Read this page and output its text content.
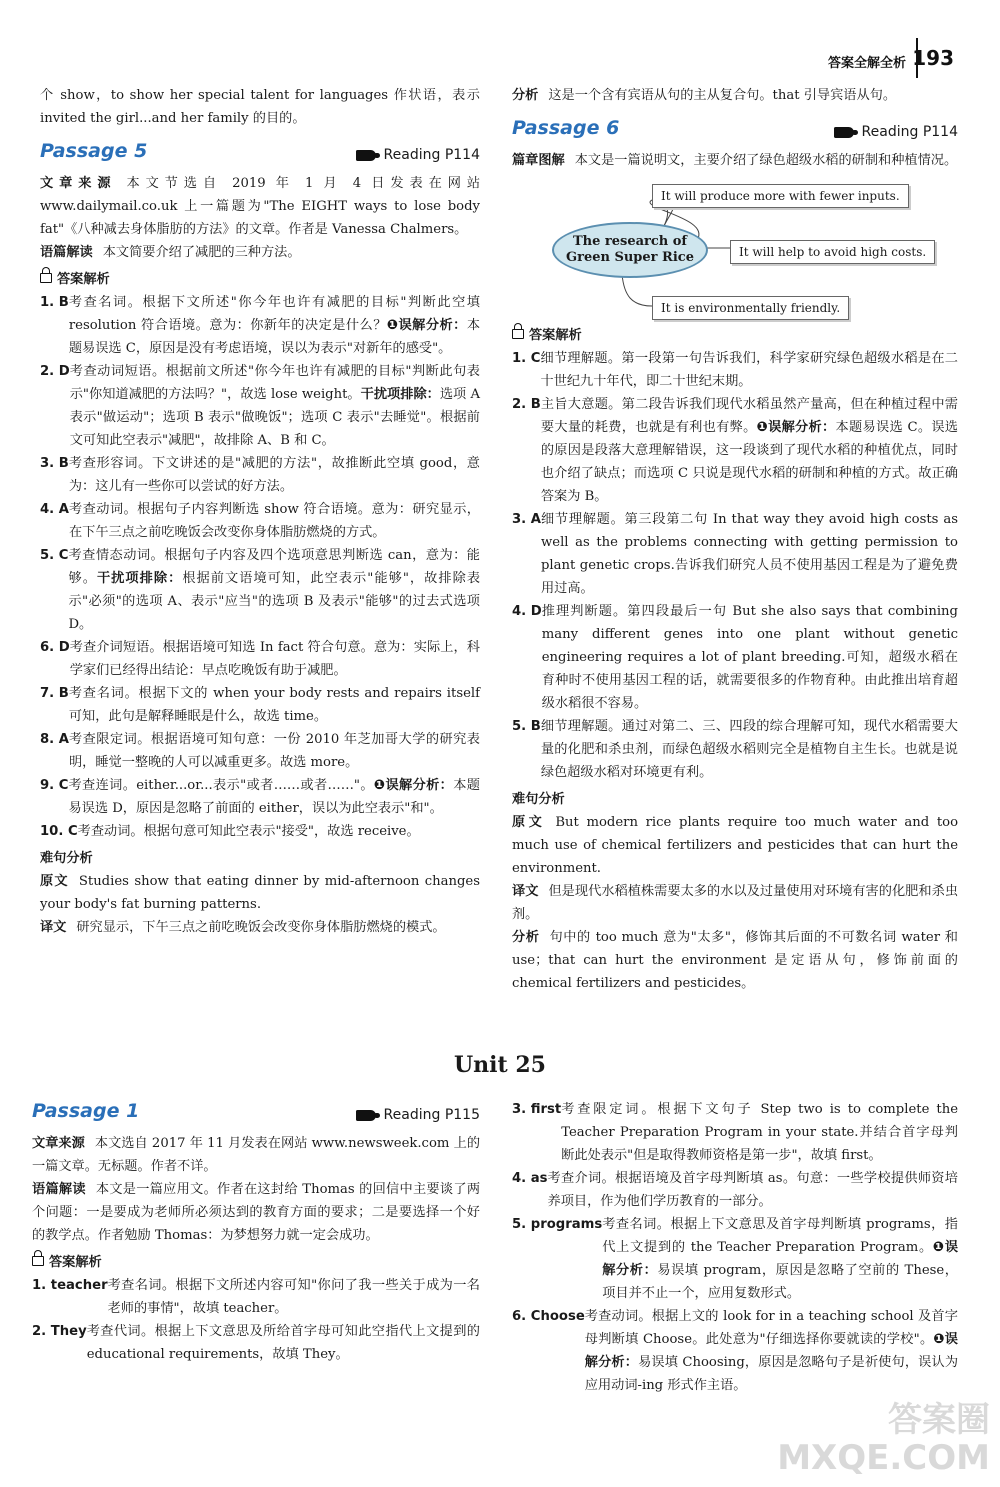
答案全解全析 193

个 show，to show her special talent for languages 作状语，表示 invited the girl...and her family 的目的。

Passage 5	Reading P114

文章来源 本文节选自 2019 年 1 月 4 日发表在网站 www.dailymail.co.uk 上一篇题为"The EIGHT ways to lose body fat"《八种减去身体脂肪的方法》的文章。作者是 Vanessa Chalmers。

语篇解读 本文简要介绍了减肥的三种方法。

答案解析
1. B 考查名词。根据下文所述"你今年也许有减肥的目标"判断此空填 resolution 符合语境。意为：你新年的决定是什么？❶误解分析：本题易误选 C，原因是没有考虑语境，误以为表示"对新年的感受"。
2. D 考查动词短语。根据前文所述"你今年也许有减肥的目标"判断此句表示"你知道减肥的方法吗？"，故选 lose weight。干扰项排除：选项 A 表示"做运动"；选项 B 表示"做晚饭"；选项 C 表示"去睡觉"。根据前文可知此空表示"减肥"，故排除 A、B 和 C。
3. B 考查形容词。下文讲述的是"减肥的方法"，故推断此空填 good，意为：这儿有一些你可以尝试的好方法。
4. A 考查动词。根据句子内容判断选 show 符合语境。意为：研究显示，在下午三点之前吃晚饭会改变你身体脂肪燃烧的方式。
5. C 考查情态动词。根据句子内容及四个选项意思判断选 can，意为：能够。干扰项排除：根据前文语境可知，此空表示"能够"，故排除表示"必须"的选项 A、表示"应当"的选项 B 及表示"能够"的过去式选项 D。
6. D 考查介词短语。根据语境可知选 In fact 符合句意。意为：实际上，科学家们已经得出结论：早点吃晚饭有助于减肥。
7. B 考查名词。根据下文的 when your body rests and repairs itself 可知，此句是解释睡眠是什么，故选 time。
8. A 考查限定词。根据语境可知句意：一份 2010 年芝加哥大学的研究表明，睡觉一整晚的人可以减重更多。故选 more。
9. C 考查连词。either...or...表示"或者……或者……"。❶误解分析：本题易误选 D，原因是忽略了前面的 either，误以为此空表示"和"。
10. C 考查动词。根据句意可知此空表示"接受"，故选 receive。
难句分析

原文 Studies show that eating dinner by mid-afternoon changes your body's fat burning patterns.

译文 研究显示，下午三点之前吃晚饭会改变你身体脂肪燃烧的模式。

分析 这是一个含有宾语从句的主从复合句。that 引导宾语从句。

Passage 6	Reading P114

篇章图解 本文是一篇说明文，主要介绍了绿色超级水稻的研制和种植情况。

The research of
Green Super Rice
It will produce more with fewer inputs.
It will help to avoid high costs.
It is environmentally friendly.
答案解析
1. C 细节理解题。第一段第一句告诉我们，科学家研究绿色超级水稻是在二十世纪九十年代，即二十世纪末期。
2. B 主旨大意题。第二段告诉我们现代水稻虽然产量高，但在种植过程中需要大量的耗费，也就是有利也有弊。❶误解分析：本题易误选 C。误选的原因是段落大意理解错误，这一段谈到了现代水稻的种植优点，同时也介绍了缺点；而选项 C 只说是现代水稻的研制和种植的方式。故正确答案为 B。
3. A 细节理解题。第三段第二句 In that way they avoid high costs as well as the problems connecting with getting permission to plant genetic crops.告诉我们研究人员不使用基因工程是为了避免费用过高。
4. D 推理判断题。第四段最后一句 But she also says that combining many different genes into one plant without genetic engineering requires a lot of plant breeding.可知，超级水稻在育种时不使用基因工程的话，就需要很多的作物育种。由此推出培育超级水稻很不容易。
5. B 细节理解题。通过对第二、三、四段的综合理解可知，现代水稻需要大量的化肥和杀虫剂，而绿色超级水稻则完全是植物自主生长。也就是说绿色超级水稻对环境更有利。
难句分析

原文 But modern rice plants require too much water and too much use of chemical fertilizers and pesticides that can hurt the environment.

译文 但是现代水稻植株需要太多的水以及过量使用对环境有害的化肥和杀虫剂。

分析 句中的 too much 意为"太多"，修饰其后面的不可数名词 water 和 use；that can hurt the environment 是定语从句，修饰前面的 chemical fertilizers and pesticides。

Unit 25
Passage 1	Reading P115

文章来源 本文选自 2017 年 11 月发表在网站 www.newsweek.com 上的一篇文章。无标题。作者不详。

语篇解读 本文是一篇应用文。作者在这封给 Thomas 的回信中主要谈了两个问题：一是要成为老师所必须达到的教育方面的要求；二是要选择一个好的教学点。作者勉励 Thomas：为梦想努力就一定会成功。

答案解析
1. teacher 考查名词。根据下文所述内容可知"你问了我一些关于成为一名老师的事情"，故填 teacher。
2. They 考查代词。根据上下文意思及所给首字母可知此空指代上文提到的 educational requirements，故填 They。
3. first 考查限定词。根据下文句子 Step two is to complete the Teacher Preparation Program in your state.并结合首字母判断此处表示"但是取得教师资格是第一步"，故填 first。
4. as 考查介词。根据语境及首字母判断填 as。句意：一些学校提供师资培养项目，作为他们学历教育的一部分。
5. programs 考查名词。根据上下文意思及首字母判断填 programs，指代上文提到的 the Teacher Preparation Program。❶误解分析：易误填 program，原因是忽略了空前的 These，项目并不止一个，应用复数形式。
6. Choose 考查动词。根据上文的 look for in a teaching school 及首字母判断填 Choose。此处意为"仔细选择你要就读的学校"。❶误解分析：易误填 Choosing，原因是忽略句子是祈使句，误认为应用动词-ing 形式作主语。
答案圈
MXQE.COM
